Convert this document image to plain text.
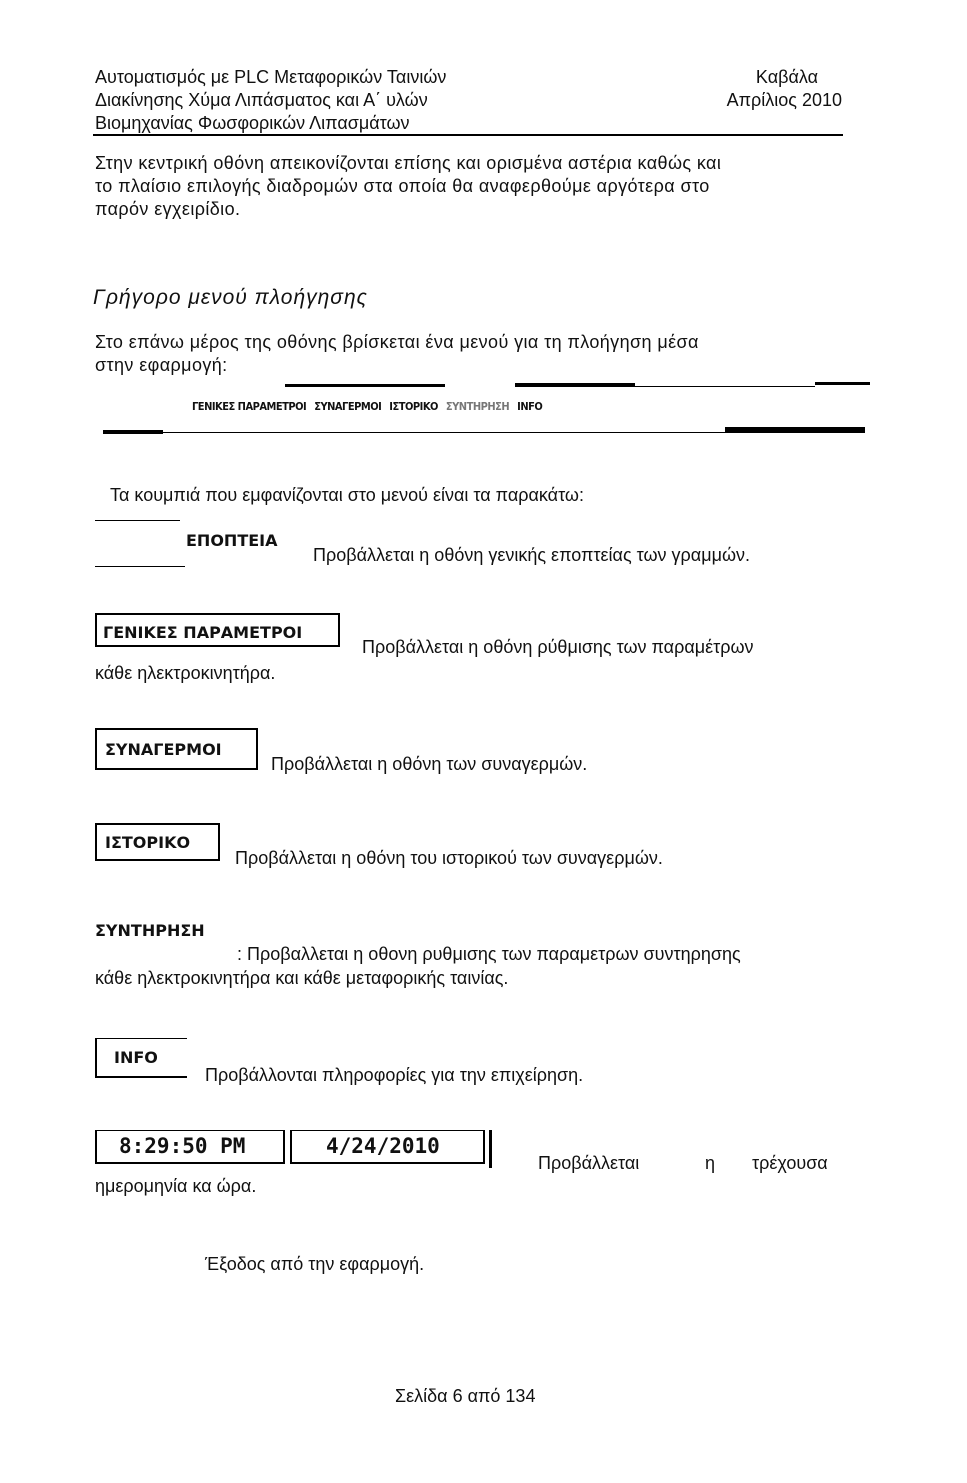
Αυτοματισμός με PLC Μεταφορικών Ταινιών
Διακίνησης Χύμα Λιπάσματος και Α΄ υλών
Βιομηχανίας Φωσφορικών Λιπασμάτων
Καβάλα
Απρίλιος 2010
Στην κεντρική οθόνη απεικονίζονται επίσης και ορισμένα αστέρια καθώς και
το πλαίσιο επιλογής διαδρομών στα οποία θα αναφερθούμε αργότερα στο
παρόν εγχειρίδιο.
Γρήγορο μενού πλοήγησης
Στο επάνω μέρος της οθόνης βρίσκεται ένα μενού για τη πλοήγηση μέσα
στην εφαρμογή:
ΓΕΝΙΚΕΣ ΠΑΡΑΜΕΤΡΟΙ ΣΥΝΑΓΕΡΜΟΙ ΙΣΤΟΡΙΚΟ ΣΥΝΤΗΡΗΣΗ INFO
Τα κουμπιά που εμφανίζονται στο μενού είναι τα παρακάτω:
ΕΠΟΠΤΕΙΑ
Προβάλλεται η οθόνη γενικής εποπτείας των γραμμών.
ΓΕΝΙΚΕΣ ΠΑΡΑΜΕΤΡΟΙ
Προβάλλεται η οθόνη ρύθμισης των παραμέτρων
κάθε ηλεκτροκινητήρα.
ΣΥΝΑΓΕΡΜΟΙ
Προβάλλεται η οθόνη των συναγερμών.
ΙΣΤΟΡΙΚΟ
Προβάλλεται η οθόνη του ιστορικού των συναγερμών.
ΣΥΝΤΗΡΗΣΗ
: Προβαλλεται η οθονη ρυθμισης των παραμετρων συντηρησης
κάθε ηλεκτροκινητήρα και κάθε μεταφορικής ταινίας.
INFO
Προβάλλονται πληροφορίες για την επιχείρηση.
8:29:50 PM	4/24/2010
Προβάλλεται	η τρέχουσα
ημερομηνία κα ώρα.
Έξοδος από την εφαρμογή.
Σελίδα 6 από 134
